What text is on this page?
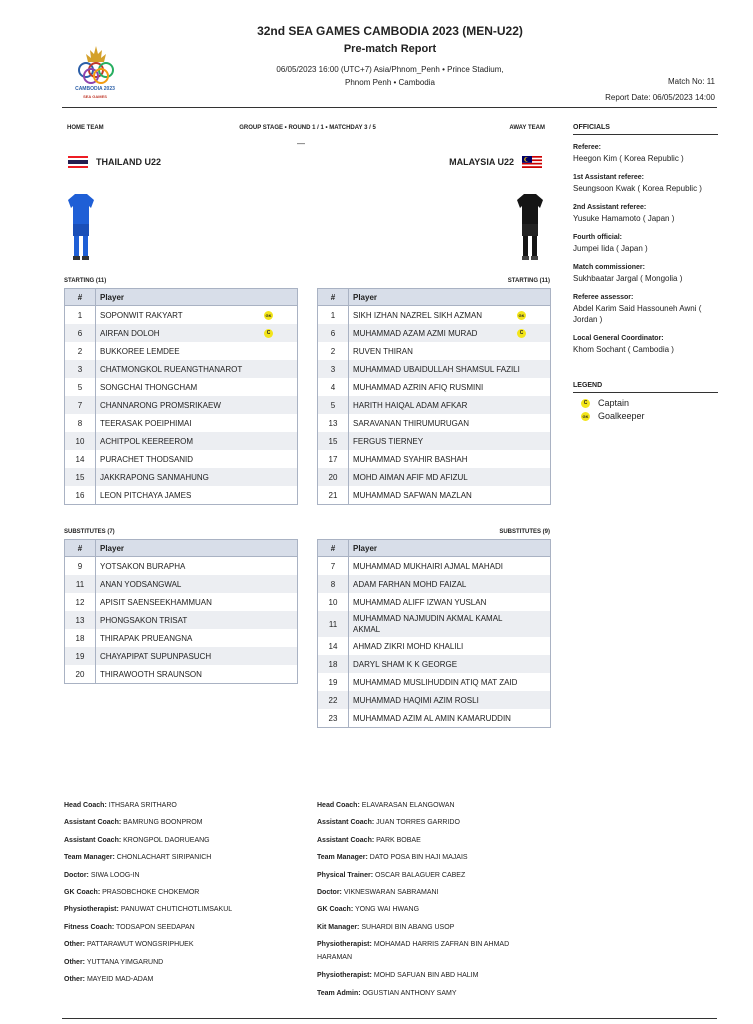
CAMBODIA 2023
SEA GAMES
32nd SEA GAMES CAMBODIA 2023 (MEN-U22)
Pre-match Report
06/05/2023 16:00 (UTC+7) Asia/Phnom_Penh • Prince Stadium,
Phnom Penh • Cambodia	Match No: 11
Report Date: 06/05/2023 14:00
HOME TEAM	GROUP STAGE • ROUND 1 / 1 • MATCHDAY 3 / 5	AWAY TEAM
—
THAILAND U22	MALAYSIA U22
OFFICIALS
Referee:
Heegon Kim ( Korea Republic )
1st Assistant referee:
Seungsoon Kwak ( Korea Republic )
2nd Assistant referee:
Yusuke Hamamoto ( Japan )
Fourth official:
Jumpei Iida ( Japan )
Match commissioner:
Sukhbaatar Jargal ( Mongolia )
Referee assessor:
Abdel Karim Said Hassouneh Awni ( Jordan )
Local General Coordinator:
Khom Sochant ( Cambodia )
LEGEND
C Captain
GK Goalkeeper
STARTING (11)	STARTING (11)
#	Player
1	SOPONWIT RAKYART GK

6	AIRFAN DOLOH C

2	BUKKOREE LEMDEE

3	CHATMONGKOL RUEANGTHANAROT

5	SONGCHAI THONGCHAM

7	CHANNARONG PROMSRIKAEW

8	TEERASAK POEIPHIMAI

10	ACHITPOL KEEREEROM

14	PURACHET THODSANID

15	JAKKRAPONG SANMAHUNG

16	LEON PITCHAYA JAMES
#	Player
1	SIKH IZHAN NAZREL SIKH AZMAN GK

6	MUHAMMAD AZAM AZMI MURAD C

2	RUVEN THIRAN

3	MUHAMMAD UBAIDULLAH SHAMSUL FAZILI

4	MUHAMMAD AZRIN AFIQ RUSMINI

5	HARITH HAIQAL ADAM AFKAR

13	SARAVANAN THIRUMURUGAN

15	FERGUS TIERNEY

17	MUHAMMAD SYAHIR BASHAH

20	MOHD AIMAN AFIF MD AFIZUL

21	MUHAMMAD SAFWAN MAZLAN
SUBSTITUTES (7)	SUBSTITUTES (9)
#	Player
9	YOTSAKON BURAPHA

11	ANAN YODSANGWAL

12	APISIT SAENSEEKHAMMUAN

13	PHONGSAKON TRISAT

18	THIRAPAK PRUEANGNA

19	CHAYAPIPAT SUPUNPASUCH

20	THIRAWOOTH SRAUNSON
#	Player
7	MUHAMMAD MUKHAIRI AJMAL MAHADI

8	ADAM FARHAN MOHD FAIZAL

10	MUHAMMAD ALIFF IZWAN YUSLAN

11	MUHAMMAD NAJMUDIN AKMAL KAMAL AKMAL

14	AHMAD ZIKRI MOHD KHALILI

18	DARYL SHAM K K GEORGE

19	MUHAMMAD MUSLIHUDDIN ATIQ MAT ZAID

22	MUHAMMAD HAQIMI AZIM ROSLI

23	MUHAMMAD AZIM AL AMIN KAMARUDDIN
Head Coach: ITHSARA SRITHARO
Assistant Coach: BAMRUNG BOONPROM
Assistant Coach: KRONGPOL DAORUEANG
Team Manager: CHONLACHART SIRIPANICH
Doctor: SIWA LOOG-IN
GK Coach: PRASOBCHOKE CHOKEMOR
Physiotherapist: PANUWAT CHUTICHOTLIMSAKUL
Fitness Coach: TODSAPON SEEDAPAN
Other: PATTARAWUT WONGSRIPHUEK
Other: YUTTANA YIMGARUND
Other: MAYEID MAD-ADAM
Head Coach: ELAVARASAN ELANGOWAN
Assistant Coach: JUAN TORRES GARRIDO
Assistant Coach: PARK BOBAE
Team Manager: DATO POSA BIN HAJI MAJAIS
Physical Trainer: OSCAR BALAGUER CABEZ
Doctor: VIKNESWARAN SABRAMANI
GK Coach: YONG WAI HWANG
Kit Manager: SUHARDI BIN ABANG USOP
Physiotherapist: MOHAMAD HARRIS ZAFRAN BIN AHMAD HARAMAN
Physiotherapist: MOHD SAFUAN BIN ABD HALIM
Team Admin: OGUSTIAN ANTHONY SAMY
